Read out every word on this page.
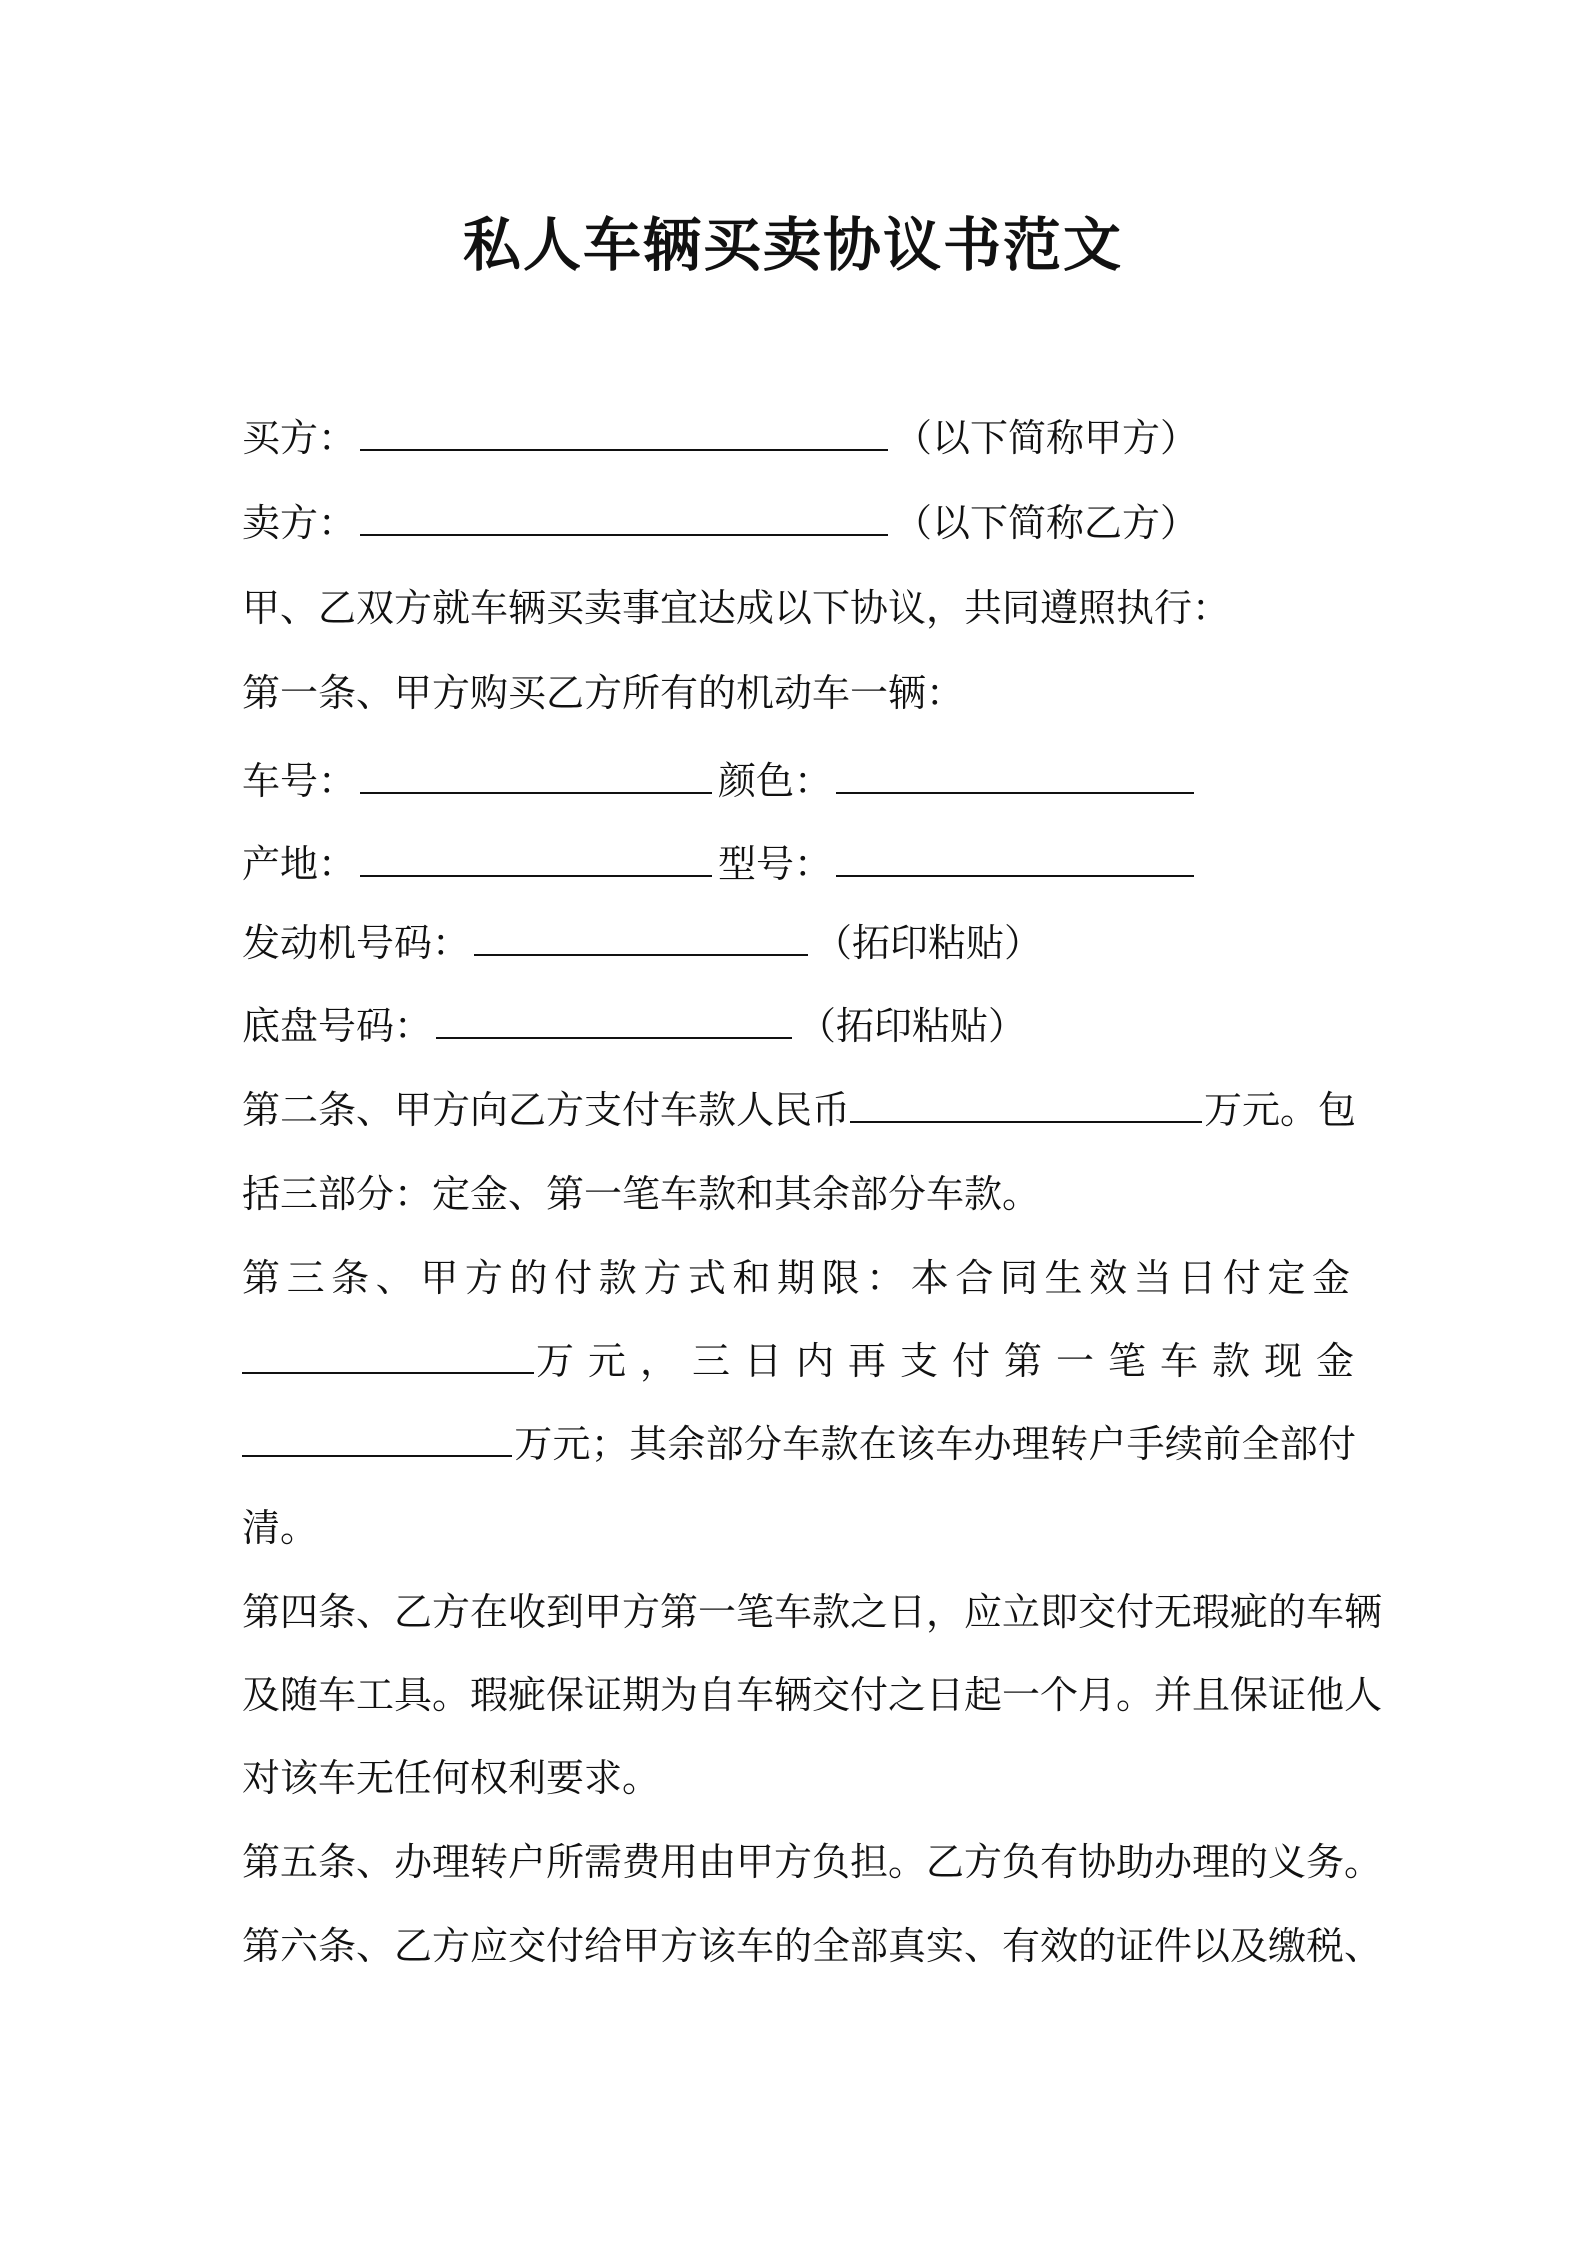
私人车辆买卖协议书范文

买方：	（以下简称甲方）

卖方：	（以下简称乙方）

甲、乙双方就车辆买卖事宜达成以下协议，共同遵照执行：

第一条、甲方购买乙方所有的机动车一辆：

车号：	颜色：

产地：	型号：

发动机号码：	（拓印粘贴）

底盘号码：	（拓印粘贴）

第二条、甲方向乙方支付车款人民币	万元。包

括三部分：定金、第一笔车款和其余部分车款。

第三条、甲方的付款方式和期限：本合同生效当日付定金

万元，三日内再支付第一笔车款现金

万元；其余部分车款在该车办理转户手续前全部付

清。

第四条、乙方在收到甲方第一笔车款之日，应立即交付无瑕疵的车辆

及随车工具。瑕疵保证期为自车辆交付之日起一个月。并且保证他人

对该车无任何权利要求。

第五条、办理转户所需费用由甲方负担。乙方负有协助办理的义务。

第六条、乙方应交付给甲方该车的全部真实、有效的证件以及缴税、
